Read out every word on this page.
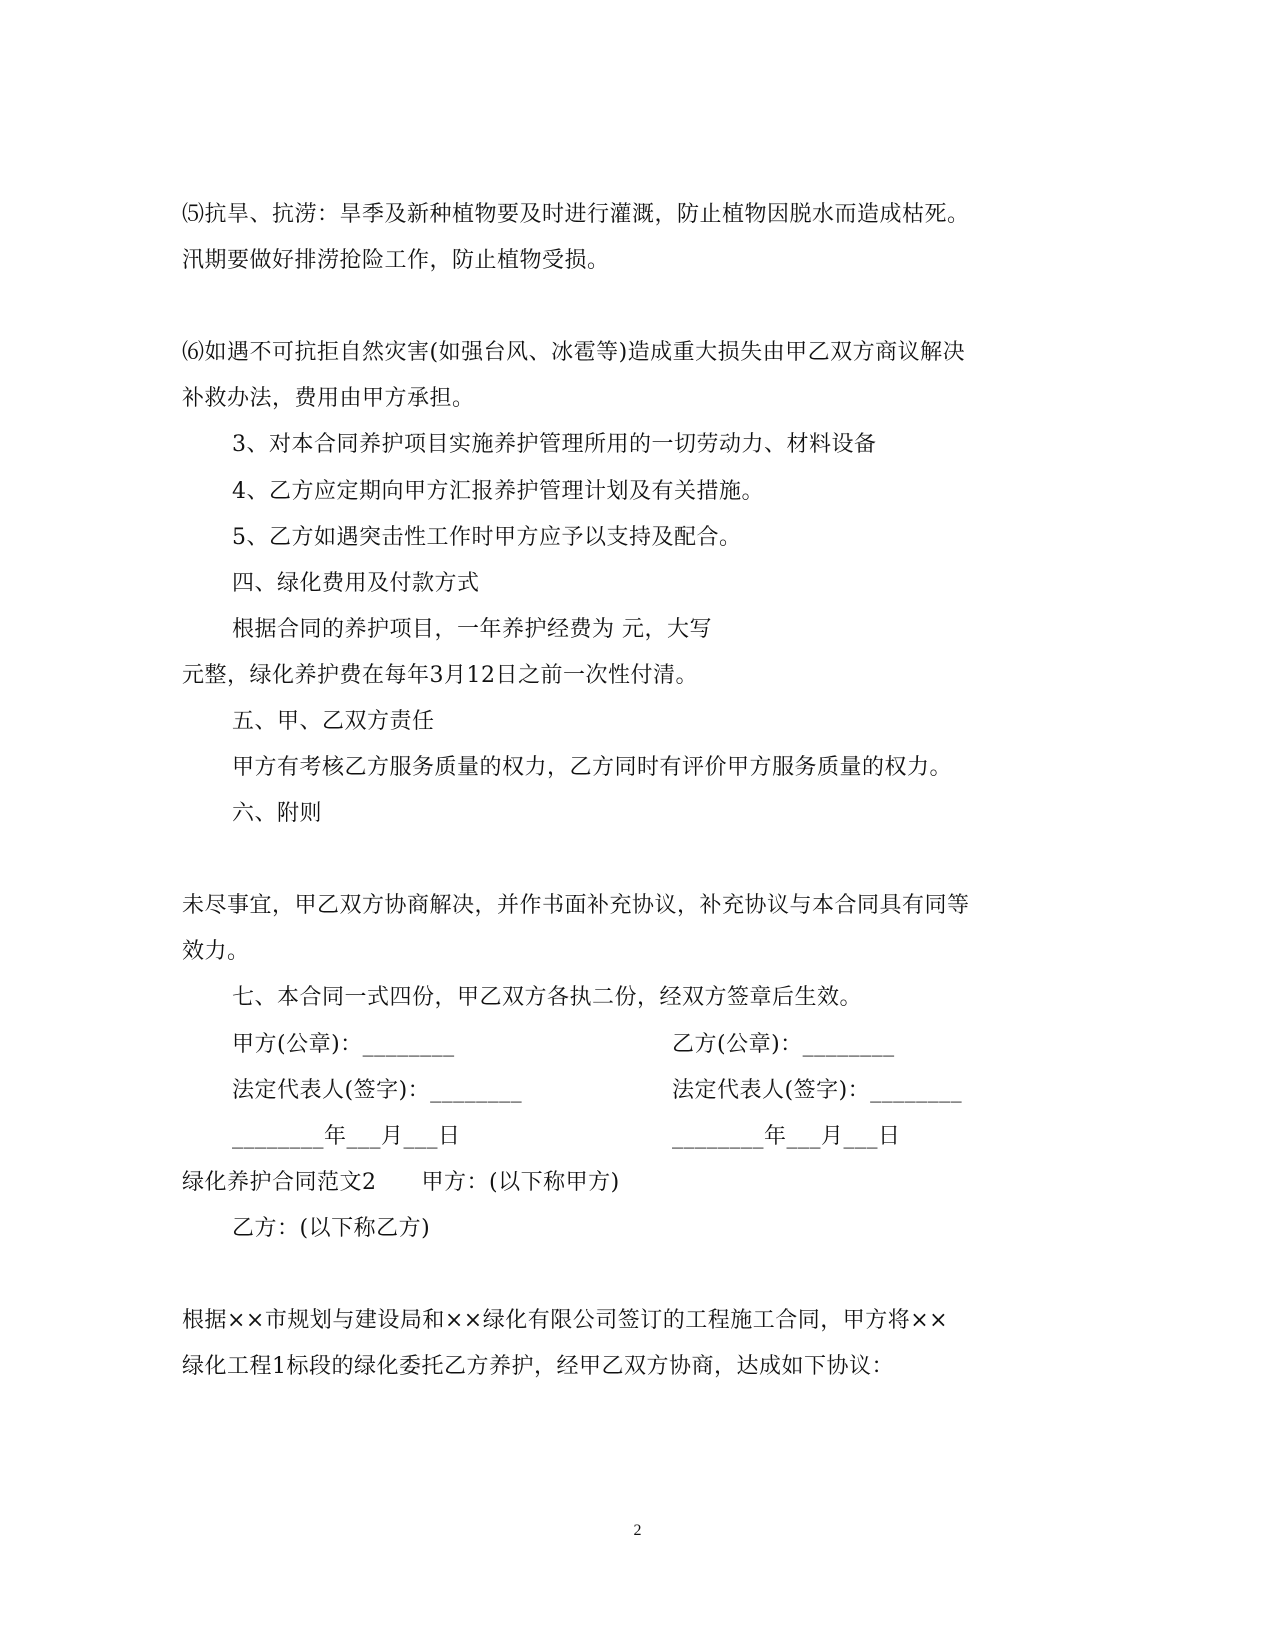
⑸抗旱、抗涝：旱季及新种植物要及时进行灌溉，防止植物因脱水而造成枯死。
汛期要做好排涝抢险工作，防止植物受损。
⑹如遇不可抗拒自然灾害(如强台风、冰雹等)造成重大损失由甲乙双方商议解决
补救办法，费用由甲方承担。
3、对本合同养护项目实施养护管理所用的一切劳动力、材料设备
4、乙方应定期向甲方汇报养护管理计划及有关措施。
5、乙方如遇突击性工作时甲方应予以支持及配合。
四、绿化费用及付款方式
根据合同的养护项目，一年养护经费为 元，大写
元整，绿化养护费在每年3月12日之前一次性付清。
五、甲、乙双方责任
甲方有考核乙方服务质量的权力，乙方同时有评价甲方服务质量的权力。
六、附则
未尽事宜，甲乙双方协商解决，并作书面补充协议，补充协议与本合同具有同等
效力。
七、本合同一式四份，甲乙双方各执二份，经双方签章后生效。
甲方(公章)：________	乙方(公章)：________
法定代表人(签字)：________	法定代表人(签字)：________
________年___月___日	________年___月___日
绿化养护合同范文2　　甲方：(以下称甲方)
乙方：(以下称乙方)
根据××市规划与建设局和××绿化有限公司签订的工程施工合同，甲方将××
绿化工程1标段的绿化委托乙方养护，经甲乙双方协商，达成如下协议：
2
